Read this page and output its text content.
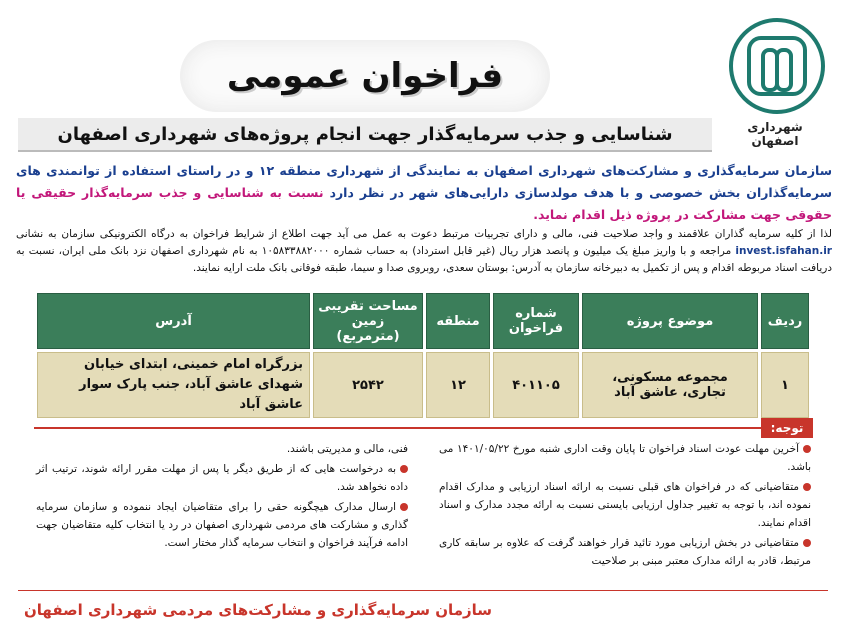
شهرداری اصفهان
فراخوان عمومی
شناسایی و جذب سرمایه‌گذار جهت انجام پروژه‌های شهرداری اصفهان
سازمان سرمایه‌گذاری و مشارکت‌های شهرداری اصفهان به نمایندگی از شهرداری منطقه ۱۲ و در راستای استفاده از توانمندی های سرمایه‌گذاران بخش خصوصی و با هدف مولدسازی دارایی‌های شهر در نظر دارد نسبت به شناسایی و جذب سرمایه‌گذار حقیقی یا حقوقی جهت مشارکت در پروژه ذیل اقدام نماید.
لذا از کلیه سرمایه گذاران علاقمند و واجد صلاحیت فنی، مالی و دارای تجربیات مرتبط دعوت به عمل می آید جهت اطلاع از شرایط فراخوان به درگاه الکترونیکی سازمان به نشانی invest.isfahan.ir مراجعه و با واریز مبلغ یک میلیون و پانصد هزار ریال (غیر قابل استرداد) به حساب شماره ۱۰۵۸۳۳۸۸۲۰۰۰ به نام شهرداری اصفهان نزد بانک ملی ایران، نسبت به دریافت اسناد مربوطه اقدام و پس از تکمیل به دبیرخانه سازمان به آدرس: بوستان سعدی، روبروی صدا و سیما، طبقه فوقانی بانک ملت ارایه نمایند.
ردیف	موضوع پروژه	شماره فراخوان	منطقه	مساحت تقریبی زمین (مترمربع)	آدرس
۱	مجموعه مسکونی، تجاری، عاشق آباد	۴۰۱۱۰۵	۱۲	۲۵۴۲	بزرگراه امام خمینی، ابتدای خیابان شهدای عاشق آباد، جنب پارک سوار عاشق آباد
توجه:
آخرین مهلت عودت اسناد فراخوان تا پایان وقت اداری شنبه مورخ ۱۴۰۱/۰۵/۲۲ می باشد.
متقاضیانی که در فراخوان های قبلی نسبت به ارائه اسناد ارزیابی و مدارک اقدام نموده اند، با توجه به تغییر جداول ارزیابی بایستی نسبت به ارائه مجدد مدارک و اسناد اقدام نمایند.
متقاضیانی در بخش ارزیابی مورد تائید قرار خواهند گرفت که علاوه بر سابقه کاری مرتبط، قادر به ارائه مدارک معتبر مبنی بر صلاحیت
فنی، مالی و مدیریتی باشند.
به درخواست هایی که از طریق دیگر یا پس از مهلت مقرر ارائه شوند، ترتیب اثر داده نخواهد شد.
ارسال مدارک هیچگونه حقی را برای متقاضیان ایجاد ننموده و سازمان سرمایه گذاری و مشارکت های مردمی شهرداری اصفهان در رد یا انتخاب کلیه متقاضیان جهت ادامه فرآیند فراخوان و انتخاب سرمایه گذار مختار است.
سازمان سرمایه‌گذاری و مشارکت‌های مردمی شهرداری اصفهان
